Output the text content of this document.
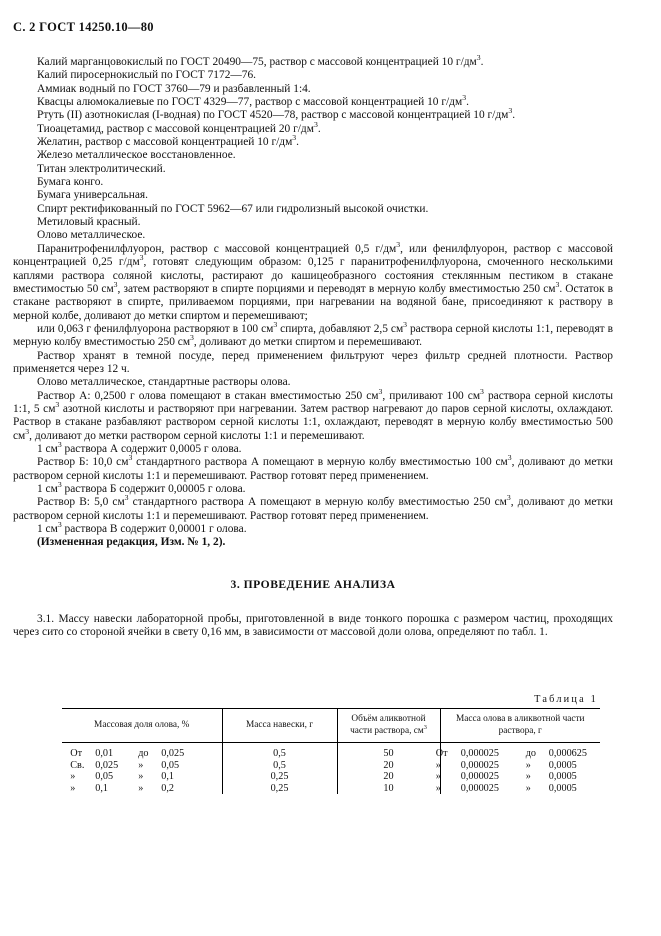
С. 2 ГОСТ 14250.10—80

Калий марганцовокислый по ГОСТ 20490—75, раствор с массовой концентрацией 10 $г/дм^3$.

Калий пиросернокислый по ГОСТ 7172—76.

Аммиак водный по ГОСТ 3760—79 и разбавленный 1:4.

Квасцы алюмокалиевые по ГОСТ 4329—77, раствор с массовой концентрацией 10 $г/дм^3$.

Ртуть (II) азотнокислая (I-водная) по ГОСТ 4520—78, раствор с массовой концентрацией 10 $г/дм^3$.

Тиоацетамид, раствор с массовой концентрацией 20 $г/дм^3$.

Желатин, раствор с массовой концентрацией 10 $г/дм^3$.

Железо металлическое восстановленное.

Титан электролитический.

Бумага конго.

Бумага универсальная.

Спирт ректификованный по ГОСТ 5962—67 или гидролизный высокой очистки.

Метиловый красный.

Олово металлическое.

Паранитрофенилфлуорон, раствор с массовой концентрацией 0,5 $г/дм^3$, или фенилфлуорон, раствор с массовой концентрацией 0,25 $г/дм^3$, готовят следующим образом: 0,125 г паранитрофенилфлуорона, смоченного несколькими каплями раствора соляной кислоты, растирают до кашицеобразного состояния стеклянным пестиком в стакане вместимостью 50 $см^3$, затем растворяют в спирте порциями и переводят в мерную колбу вместимостью 250 $см^3$. Остаток в стакане растворяют в спирте, приливаемом порциями, при нагревании на водяной бане, присоединяют к раствору в мерной колбе, доливают до метки спиртом и перемешивают;

или 0,063 г фенилфлуорона растворяют в 100 $см^3$ спирта, добавляют 2,5 $см^3$ раствора серной кислоты 1:1, переводят в мерную колбу вместимостью 250 $см^3$, доливают до метки спиртом и перемешивают.

Раствор хранят в темной посуде, перед применением фильтруют через фильтр средней плотности. Раствор применяется через 12 ч.

Олово металлическое, стандартные растворы олова.

Раствор А: 0,2500 г олова помещают в стакан вместимостью 250 $см^3$, приливают 100 $см^3$ раствора серной кислоты 1:1, 5 $см^3$ азотной кислоты и растворяют при нагревании. Затем раствор нагревают до паров серной кислоты, охлаждают. Раствор в стакане разбавляют раствором серной кислоты 1:1, охлаждают, переводят в мерную колбу вместимостью 500 $см^3$, доливают до метки раствором серной кислоты 1:1 и перемешивают.

1 $см^3$ раствора А содержит 0,0005 г олова.

Раствор Б: 10,0 $см^3$ стандартного раствора А помещают в мерную колбу вместимостью 100 $см^3$, доливают до метки раствором серной кислоты 1:1 и перемешивают. Раствор готовят перед применением.

1 $см^3$ раствора Б содержит 0,00005 г олова.

Раствор В: 5,0 $см^3$ стандартного раствора А помещают в мерную колбу вместимостью 250 $см^3$, доливают до метки раствором серной кислоты 1:1 и перемешивают. Раствор готовят перед применением.

1 $см^3$ раствора В содержит 0,00001 г олова.

(Измененная редакция, Изм. № 1, 2).

3. ПРОВЕДЕНИЕ АНАЛИЗА

3.1. Массу навески лабораторной пробы, приготовленной в виде тонкого порошка с размером частиц, проходящих через сито со стороной ячейки в свету 0,16 мм, в зависимости от массовой доли олова, определяют по табл. 1.

Таблица 1
Массовая доля олова, %	Масса навески, г	Объём аликвотной части раствора, $см^3$	Масса олова в аликвотной части раствора, г

От 0,01 до 0,025	0,5	50	От 0,000025 до 0,000625

Св. 0,025 » 0,05	0,5	20	» 0,000025 » 0,0005

» 0,05 » 0,1	0,25	20	» 0,000025 » 0,0005

» 0,1 » 0,2	0,25	10	» 0,000025 » 0,0005
